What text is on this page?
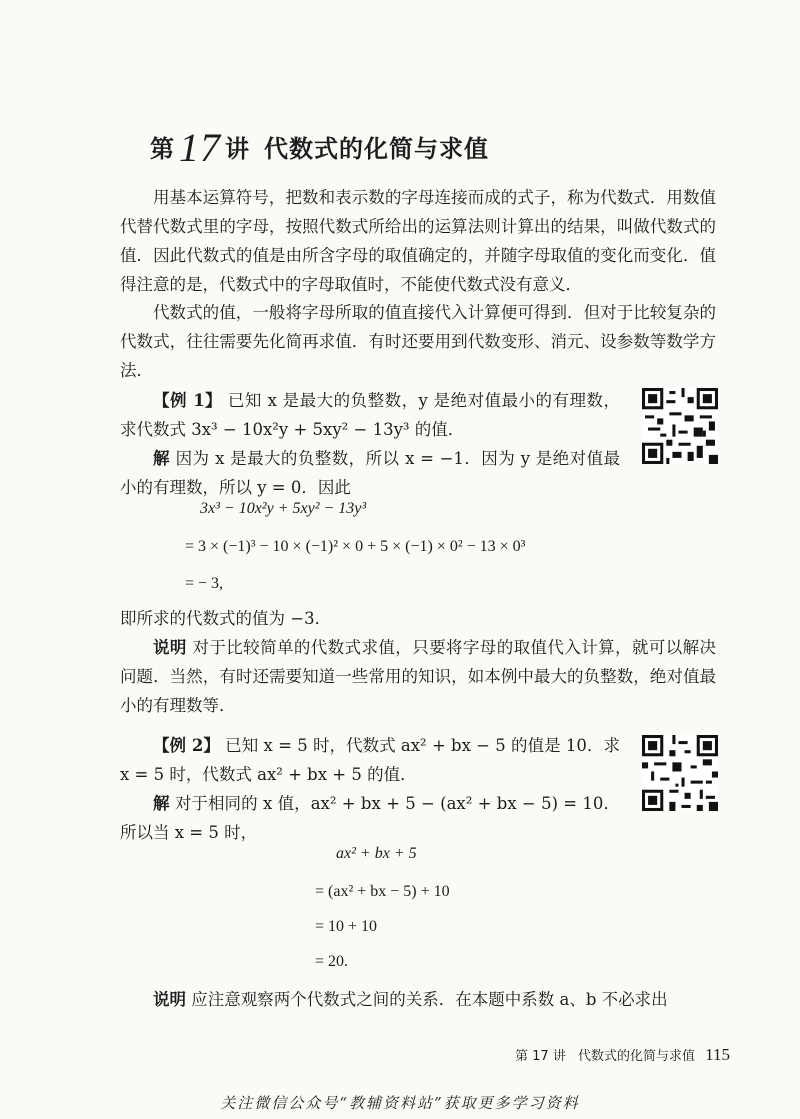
第 17 讲 代数式的化简与求值

用基本运算符号，把数和表示数的字母连接而成的式子，称为代数式．用数值代替代数式里的字母，按照代数式所给出的运算法则计算出的结果，叫做代数式的值．因此代数式的值是由所含字母的取值确定的，并随字母取值的变化而变化．值得注意的是，代数式中的字母取值时，不能使代数式没有意义．

代数式的值，一般将字母所取的值直接代入计算便可得到．但对于比较复杂的代数式，往往需要先化简再求值．有时还要用到代数变形、消元、设参数等数学方法．

【例 1】 已知 x 是最大的负整数，y 是绝对值最小的有理数，求代数式 3x³ − 10x²y + 5xy² − 13y³ 的值．

解 因为 x 是最大的负整数，所以 x = −1．因为 y 是绝对值最小的有理数，所以 y = 0．因此

3x³ − 10x²y + 5xy² − 13y³
= 3 × (−1)³ − 10 × (−1)² × 0 + 5 × (−1) × 0² − 13 × 0³
= − 3,

即所求的代数式的值为 −3．

说明 对于比较简单的代数式求值，只要将字母的取值代入计算，就可以解决问题．当然，有时还需要知道一些常用的知识，如本例中最大的负整数，绝对值最小的有理数等．

【例 2】 已知 x = 5 时，代数式 ax² + bx − 5 的值是 10．求 x = 5 时，代数式 ax² + bx + 5 的值．

解 对于相同的 x 值，ax² + bx + 5 − (ax² + bx − 5) = 10．所以当 x = 5 时，

ax² + bx + 5
= (ax² + bx − 5) + 10
= 10 + 10
= 20.

说明 应注意观察两个代数式之间的关系．在本题中系数 a、b 不必求出

第 17 讲 代数式的化简与求值 115
关注微信公众号“教辅资料站”获取更多学习资料
